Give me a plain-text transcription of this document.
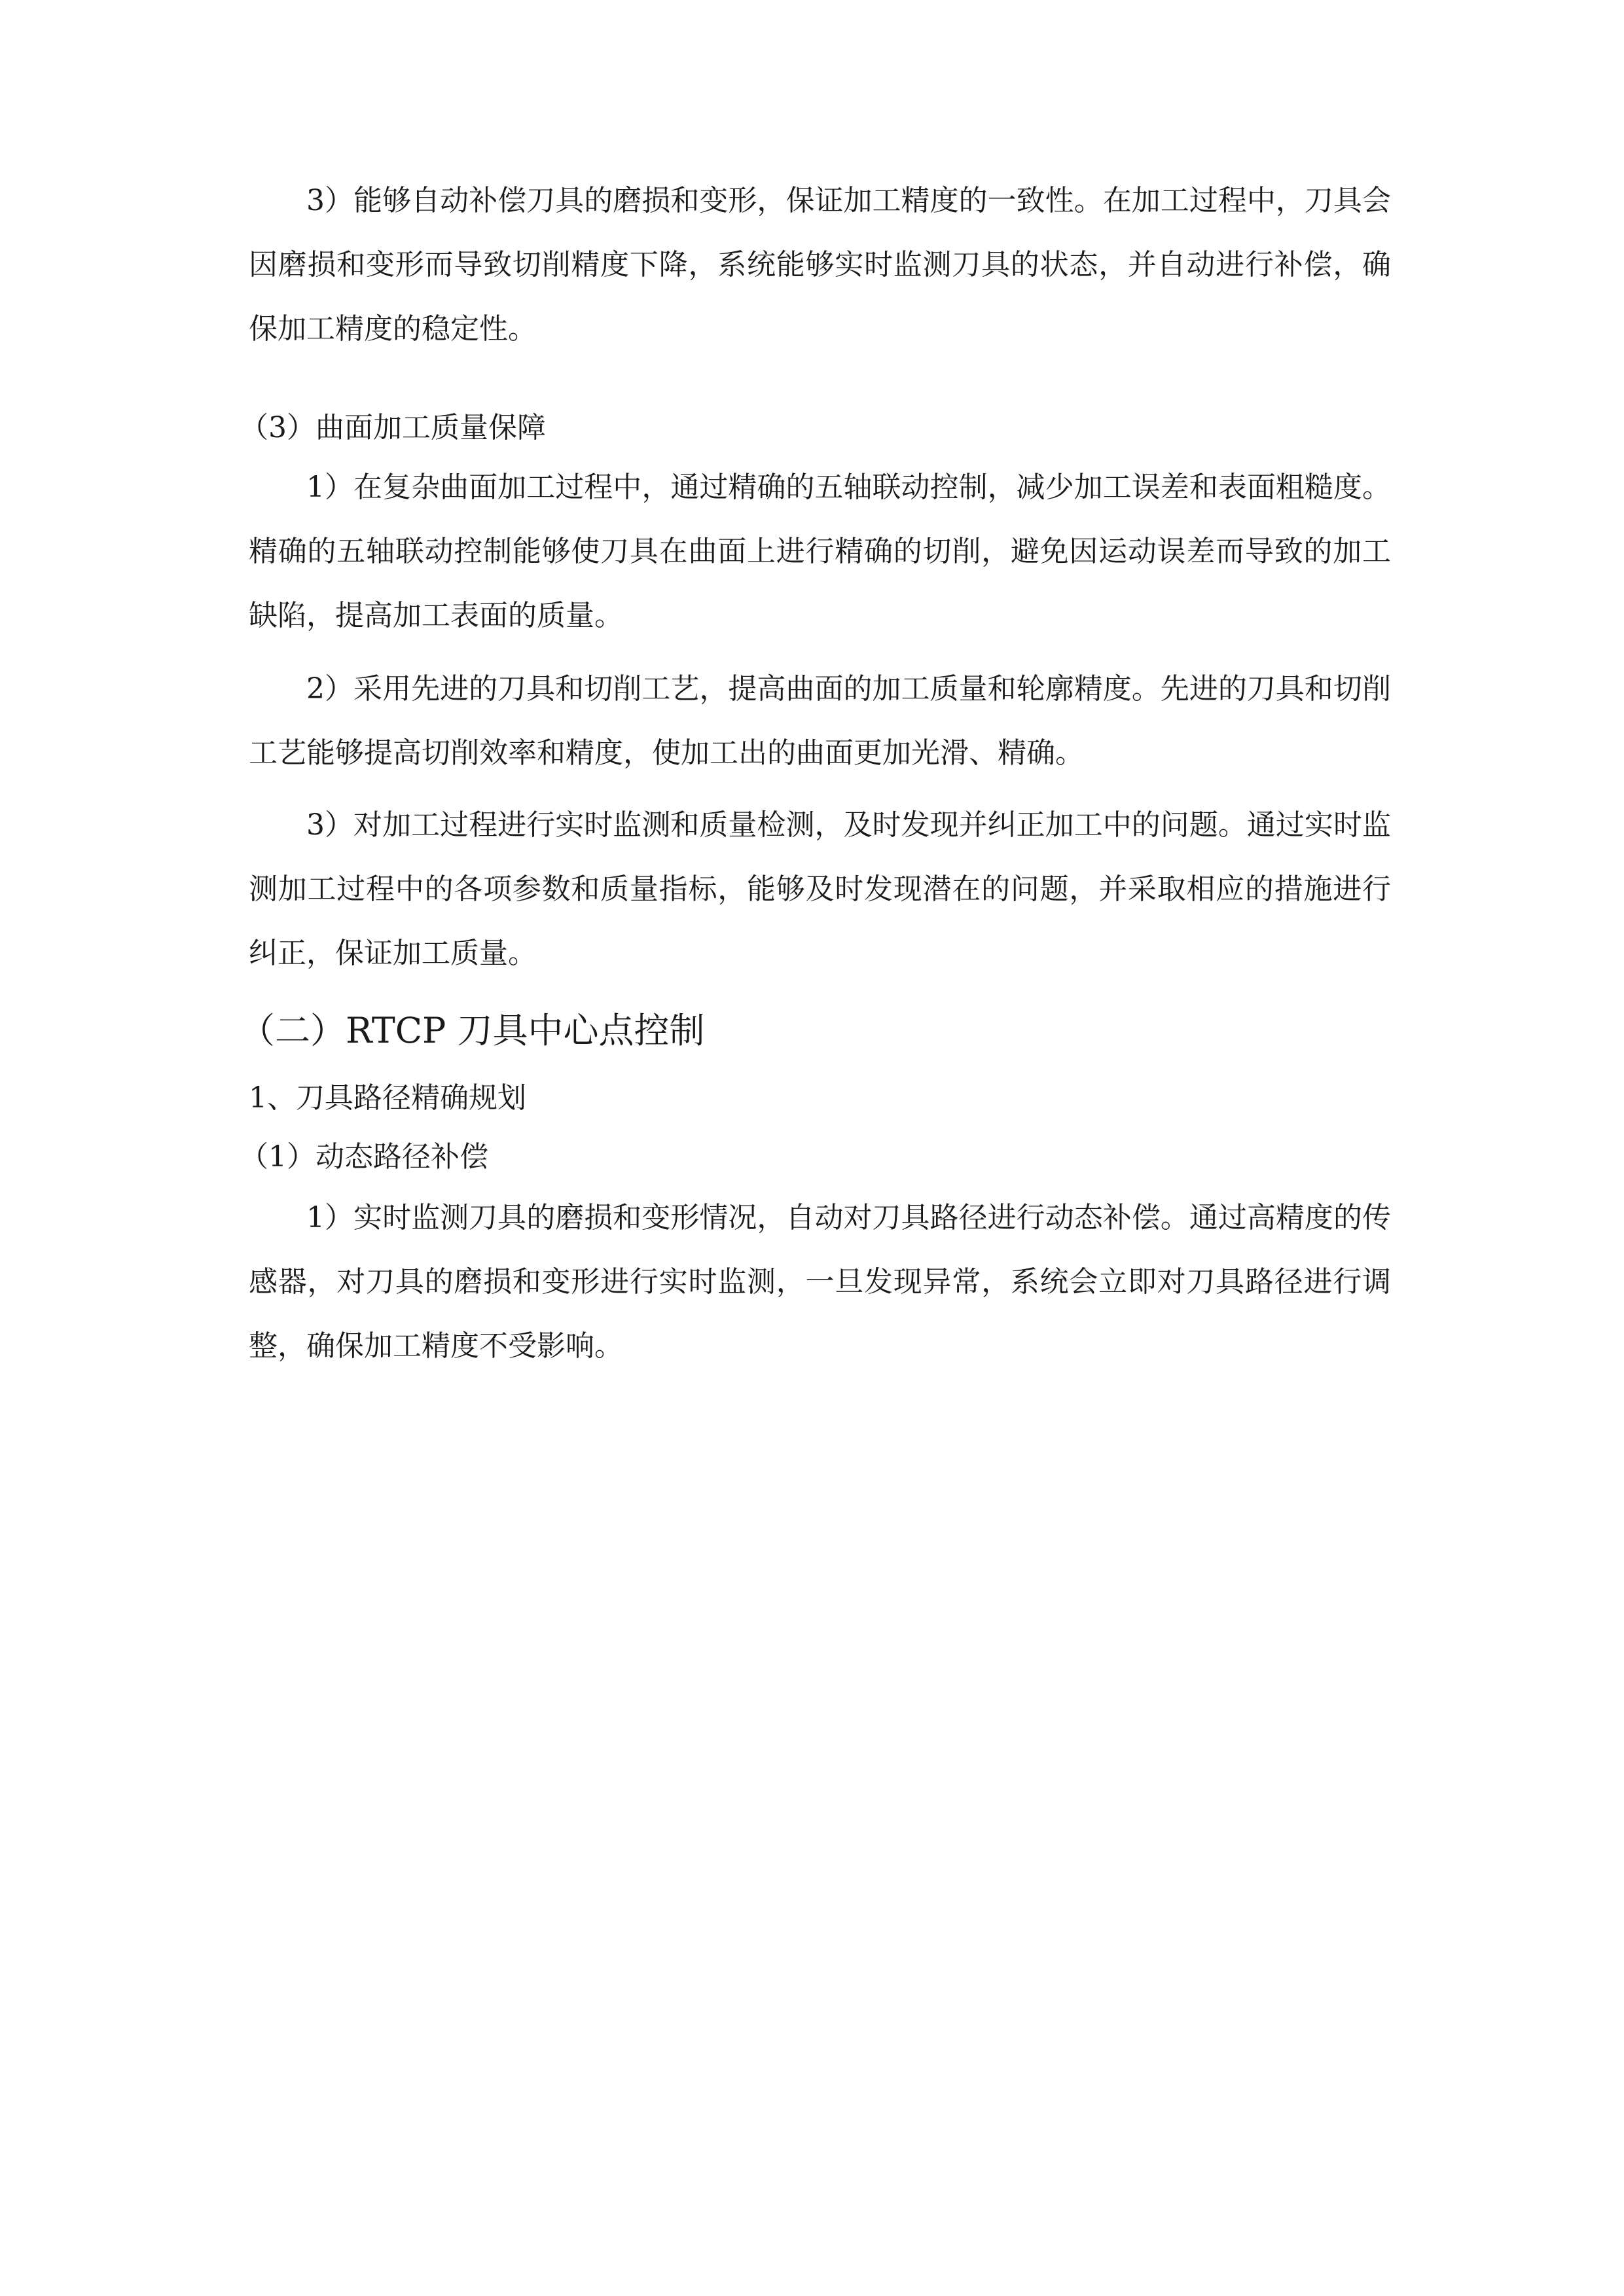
3）能够自动补偿刀具的磨损和变形，保证加工精度的一致性。在加工过程中，刀具会因磨损和变形而导致切削精度下降，系统能够实时监测刀具的状态，并自动进行补偿，确保加工精度的稳定性。

（3）曲面加工质量保障

1）在复杂曲面加工过程中，通过精确的五轴联动控制，减少加工误差和表面粗糙度。精确的五轴联动控制能够使刀具在曲面上进行精确的切削，避免因运动误差而导致的加工缺陷，提高加工表面的质量。

2）采用先进的刀具和切削工艺，提高曲面的加工质量和轮廓精度。先进的刀具和切削工艺能够提高切削效率和精度，使加工出的曲面更加光滑、精确。

3）对加工过程进行实时监测和质量检测，及时发现并纠正加工中的问题。通过实时监测加工过程中的各项参数和质量指标，能够及时发现潜在的问题，并采取相应的措施进行纠正，保证加工质量。

（二）RTCP 刀具中心点控制
1、刀具路径精确规划
（1）动态路径补偿

1）实时监测刀具的磨损和变形情况，自动对刀具路径进行动态补偿。通过高精度的传感器，对刀具的磨损和变形进行实时监测，一旦发现异常，系统会立即对刀具路径进行调整，确保加工精度不受影响。
